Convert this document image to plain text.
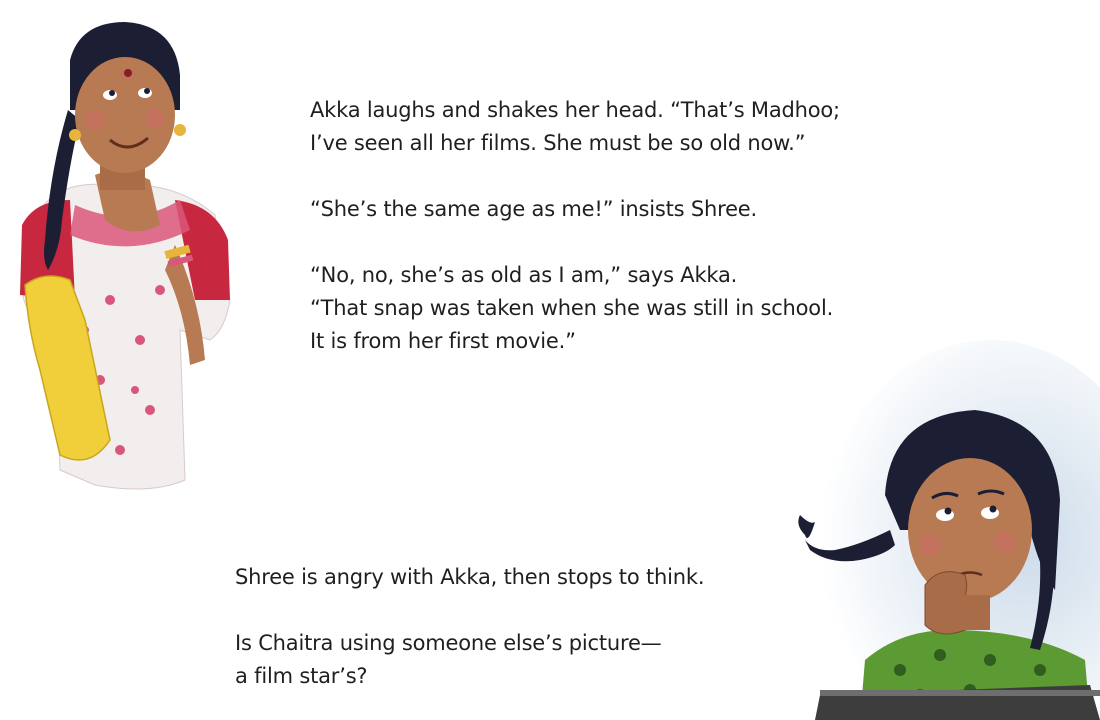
Akka laughs and shakes her head. “That’s Madhoo;

I’ve seen all her films. She must be so old now.”

“She’s the same age as me!” insists Shree.

“No, no, she’s as old as I am,” says Akka.

“That snap was taken when she was still in school.

It is from her first movie.”

Shree is angry with Akka, then stops to think.

Is Chaitra using someone else’s picture—

a film star’s?
